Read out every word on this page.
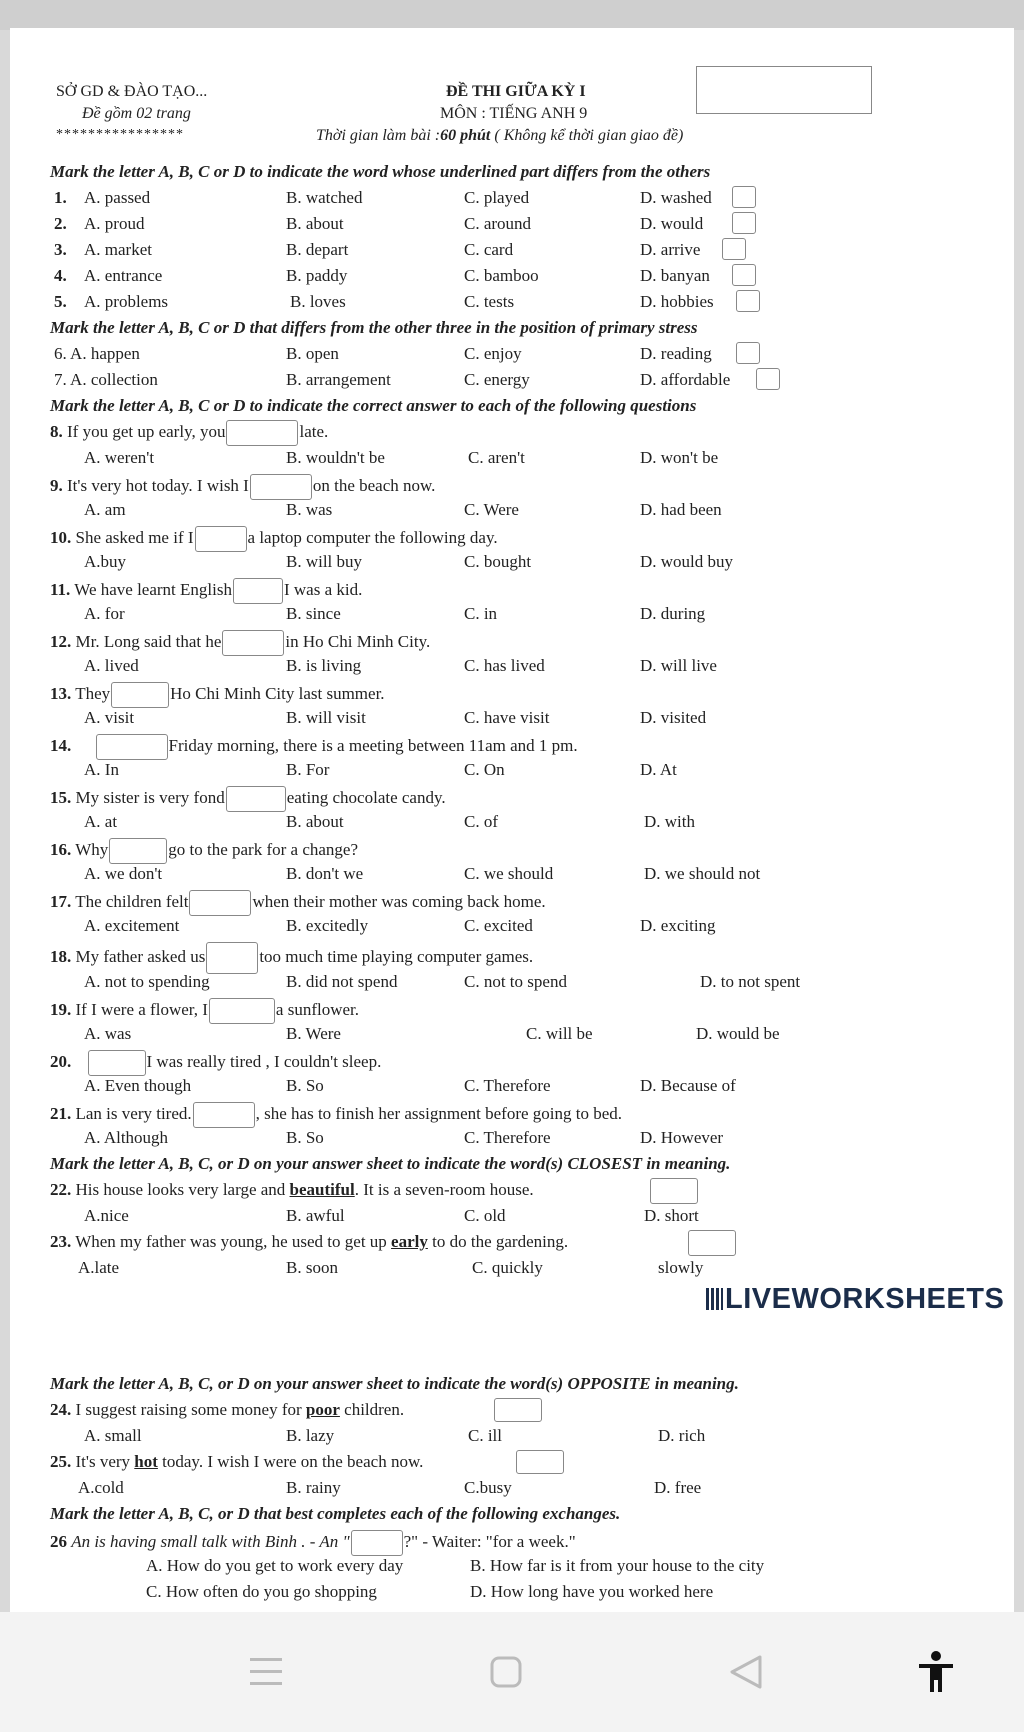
SỞ GD & ĐÀO TẠO...
Đề gồm 02 trang
****************
ĐỀ THI GIỮA KỲ I
MÔN : TIẾNG ANH 9
Thời gian làm bài :60 phút ( Không kể thời gian giao đề)
Mark the letter A, B, C or D to indicate the word whose underlined part differs from the others
1. A. passed	B. watched	C. played	D. washed
2. A. proud	B. about	C. around	D. would
3. A. market	B. depart	C. card	D. arrive
4. A. entrance	B. paddy	C. bamboo	D. banyan
5. A. problems	B. loves	C. tests	D. hobbies
Mark the letter A, B, C or D that differs from the other three in the position of primary stress
6. A. happen	B. open	C. enjoy	D. reading
7. A. collection	B. arrangement	C. energy	D. affordable
Mark the letter A, B, C or D to indicate the correct answer to each of the following questions
8. If you get up early, you	late.
A. weren't	B. wouldn't be	C. aren't	D. won't be
9. It's very hot today. I wish I	on the beach now.
A. am	B. was	C. Were	D. had been
10. She asked me if I	a laptop computer the following day.
A.buy	B. will buy	C. bought	D. would buy
11. We have learnt English	I was a kid.
A. for	B. since	C. in	D. during
12. Mr. Long said that he	in Ho Chi Minh City.
A. lived	B. is living	C. has lived	D. will live
13. They	Ho Chi Minh City last summer.
A. visit	B. will visit	C. have visit	D. visited
14.	Friday morning, there is a meeting between 11am and 1 pm.
A. In	B. For	C. On	D. At
15. My sister is very fond	eating chocolate candy.
A. at	B. about	C. of	D. with
16. Why	go to the park for a change?
A. we don't	B. don't we	C. we should	D. we should not
17. The children felt	when their mother was coming back home.
A. excitement	B. excitedly	C. excited	D. exciting
18. My father asked us	too much time playing computer games.
A. not to spending	B. did not spend	C. not to spend	D. to not spent
19. If I were a flower, I	a sunflower.
A. was	B. Were	C. will be	D. would be
20.	I was really tired , I couldn't sleep.
A. Even though	B. So	C. Therefore	D. Because of
21. Lan is very tired.	, she has to finish her assignment before going to bed.
A. Although	B. So	C. Therefore	D. However
Mark the letter A, B, C, or D on your answer sheet to indicate the word(s) CLOSEST in meaning.
22. His house looks very large and beautiful. It is a seven-room house.
A.nice	B. awful	C. old	D. short
23. When my father was young, he used to get up early to do the gardening.
A.late	B. soon	C. quickly	slowly
Mark the letter A, B, C, or D on your answer sheet to indicate the word(s) OPPOSITE in meaning.
24. I suggest raising some money for poor children.
A. small	B. lazy	C. ill	D. rich
25. It's very hot today. I wish I were on the beach now.
A.cold	B. rainy	C.busy	D. free
Mark the letter A, B, C, or D that best completes each of the following exchanges.
26 An is having small talk with Binh . - An "	?" - Waiter: "for a week."
A. How do you get to work every day	B. How far is it from your house to the city
C. How often do you go shopping	D. How long have you worked here
LIVEWORKSHEETS
